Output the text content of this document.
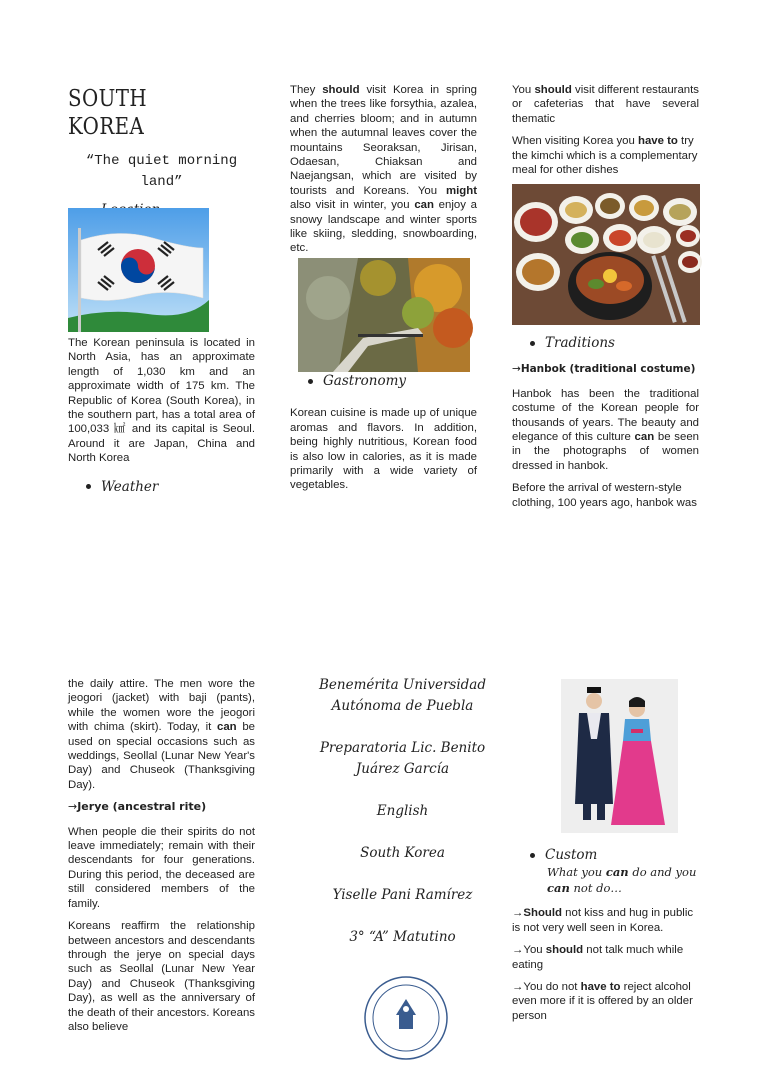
SOUTH KOREA
“The quiet morning land”

The Korean peninsula is located in North Asia, has an approximate length of 1,030 km and an approximate width of 175 km. The Republic of Korea (South Korea), in the southern part, has a total area of 100,033 ㎢ and its capital is Seoul. Around it are Japan, China and North Korea

Weather

They should visit Korea in spring when the trees like forsythia, azalea, and cherries bloom; and in autumn when the autumnal leaves cover the mountains Seoraksan, Jirisan, Odaesan, Chiaksan and Naejangsan, which are visited by tourists and Koreans. You might also visit in winter, you can enjoy a snowy landscape and winter sports like skiing, sledding, snowboarding, etc.

Gastronomy

Korean cuisine is made up of unique aromas and flavors. In addition, being highly nutritious, Korean food is also low in calories, as it is made primarily with a wide variety of vegetables.

You should visit different restaurants or cafeterias that have several thematic

When visiting Korea you have to try the kimchi which is a complementary meal for other dishes

Traditions
→Hanbok (traditional costume)

Hanbok has been the traditional costume of the Korean people for thousands of years. The beauty and elegance of this culture can be seen in the photographs of women dressed in hanbok.

Before the arrival of western-style clothing, 100 years ago, hanbok was

the daily attire. The men wore the jeogori (jacket) with baji (pants), while the women wore the jeogori with chima (skirt). Today, it can be used on special occasions such as weddings, Seollal (Lunar New Year's Day) and Chuseok (Thanksgiving Day).

→Jerye (ancestral rite)

When people die their spirits do not leave immediately; remain with their descendants for four generations. During this period, the deceased are still considered members of the family.

Koreans reaffirm the relationship between ancestors and descendants through the jerye on special days such as Seollal (Lunar New Year Day) and Chuseok (Thanksgiving Day), as well as the anniversary of the death of their ancestors. Koreans also believe

Benemérita Universidad Autónoma de Puebla
Preparatoria Lic. Benito Juárez García
English
South Korea
Yiselle Pani Ramírez
3° “A” Matutino
Custom
What you can do and you can not do…

→Should not kiss and hug in public is not very well seen in Korea.

→You should not talk much while eating

→You do not have to reject alcohol even more if it is offered by an older person
